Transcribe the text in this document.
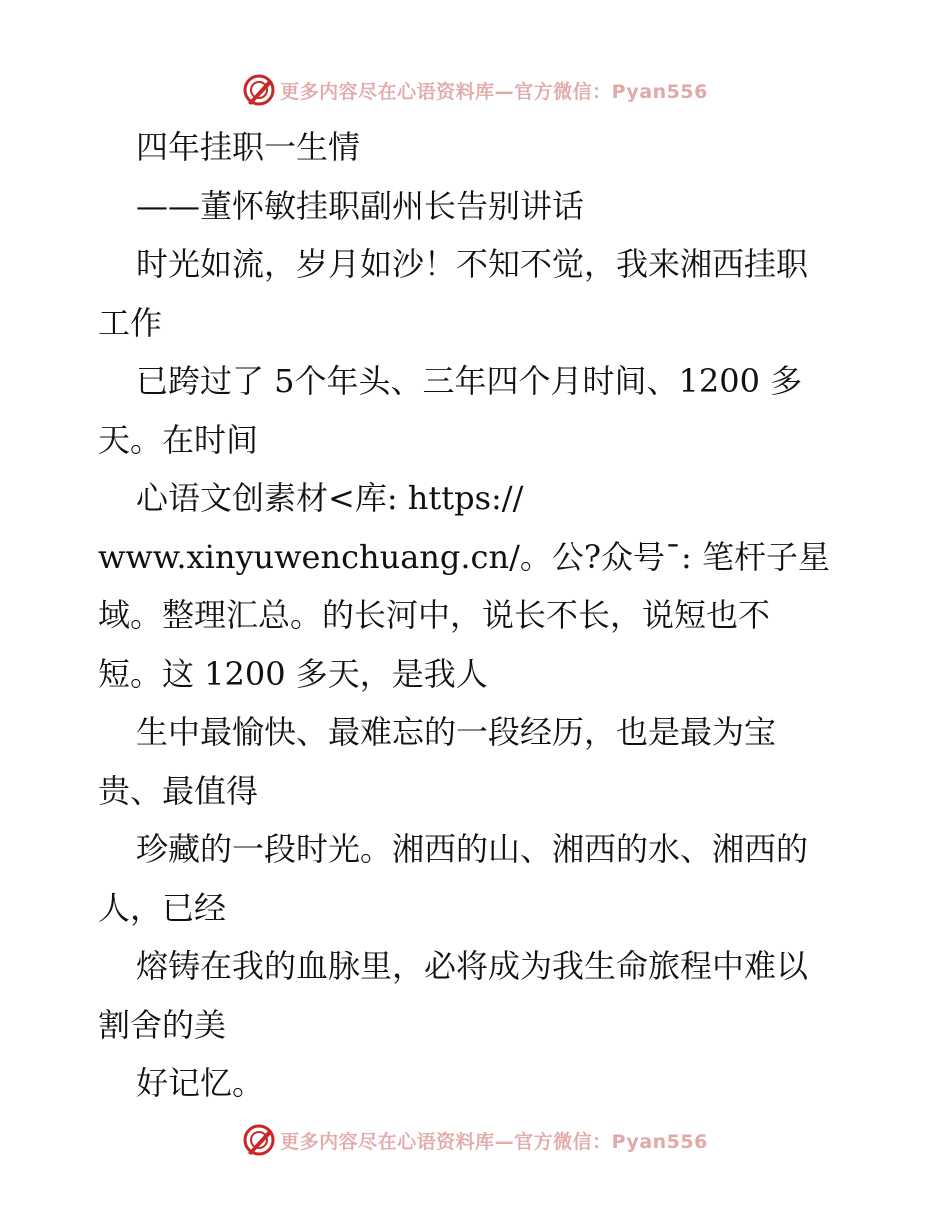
更多内容尽在心语资料库—官方微信：Pyan556
四年挂职一生情
——董怀敏挂职副州长告别讲话
时光如流，岁月如沙！不知不觉，我来湘西挂职
工作
已跨过了 5个年头、三年四个月时间、1200 多
天。在时间
心语文创素材<库: https://
www.xinyuwenchuang.cn/。公?众号¯: 笔杆子星
域。整理汇总。的长河中，说长不长，说短也不
短。这 1200 多天，是我人
生中最愉快、最难忘的一段经历，也是最为宝
贵、最值得
珍藏的一段时光。湘西的山、湘西的水、湘西的
人，已经
熔铸在我的血脉里，必将成为我生命旅程中难以
割舍的美
好记忆。
更多内容尽在心语资料库—官方微信：Pyan556
